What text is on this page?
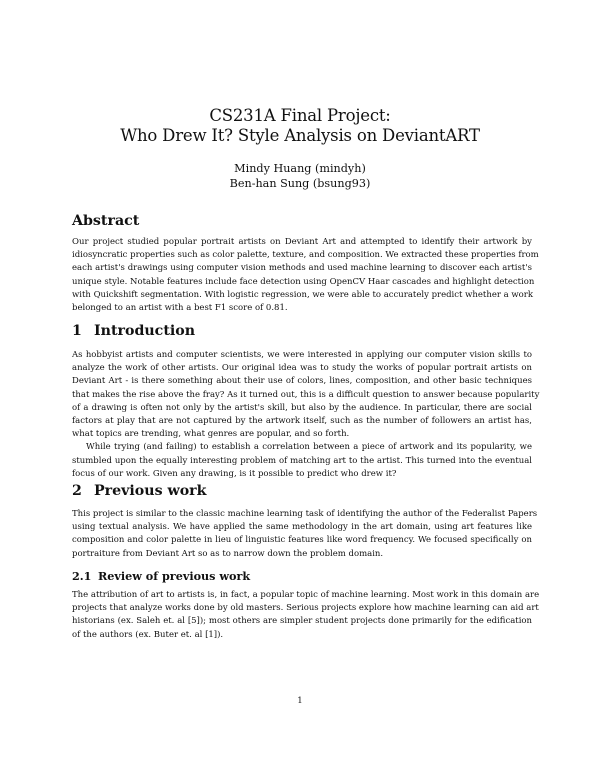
CS231A Final Project:
Who Drew It? Style Analysis on DeviantART
Mindy Huang (mindyh)
Ben-han Sung (bsung93)
Abstract
Our project studied popular portrait artists on Deviant Art and attempted to identify their artwork by
idiosyncratic properties such as color palette, texture, and composition. We extracted these properties from
each artist's drawings using computer vision methods and used machine learning to discover each artist's
unique style. Notable features include face detection using OpenCV Haar cascades and highlight detection
with Quickshift segmentation. With logistic regression, we were able to accurately predict whether a work
belonged to an artist with a best F1 score of 0.81.
1 Introduction
As hobbyist artists and computer scientists, we were interested in applying our computer vision skills to
analyze the work of other artists. Our original idea was to study the works of popular portrait artists on
Deviant Art - is there something about their use of colors, lines, composition, and other basic techniques
that makes the rise above the fray? As it turned out, this is a difficult question to answer because popularity
of a drawing is often not only by the artist's skill, but also by the audience. In particular, there are social
factors at play that are not captured by the artwork itself, such as the number of followers an artist has,
what topics are trending, what genres are popular, and so forth.
While trying (and failing) to establish a correlation between a piece of artwork and its popularity, we
stumbled upon the equally interesting problem of matching art to the artist. This turned into the eventual
focus of our work. Given any drawing, is it possible to predict who drew it?
2 Previous work
This project is similar to the classic machine learning task of identifying the author of the Federalist Papers
using textual analysis. We have applied the same methodology in the art domain, using art features like
composition and color palette in lieu of linguistic features like word frequency. We focused specifically on
portraiture from Deviant Art so as to narrow down the problem domain.
2.1 Review of previous work
The attribution of art to artists is, in fact, a popular topic of machine learning. Most work in this domain are
projects that analyze works done by old masters. Serious projects explore how machine learning can aid art
historians (ex. Saleh et. al [5]); most others are simpler student projects done primarily for the edification
of the authors (ex. Buter et. al [1]).
1
